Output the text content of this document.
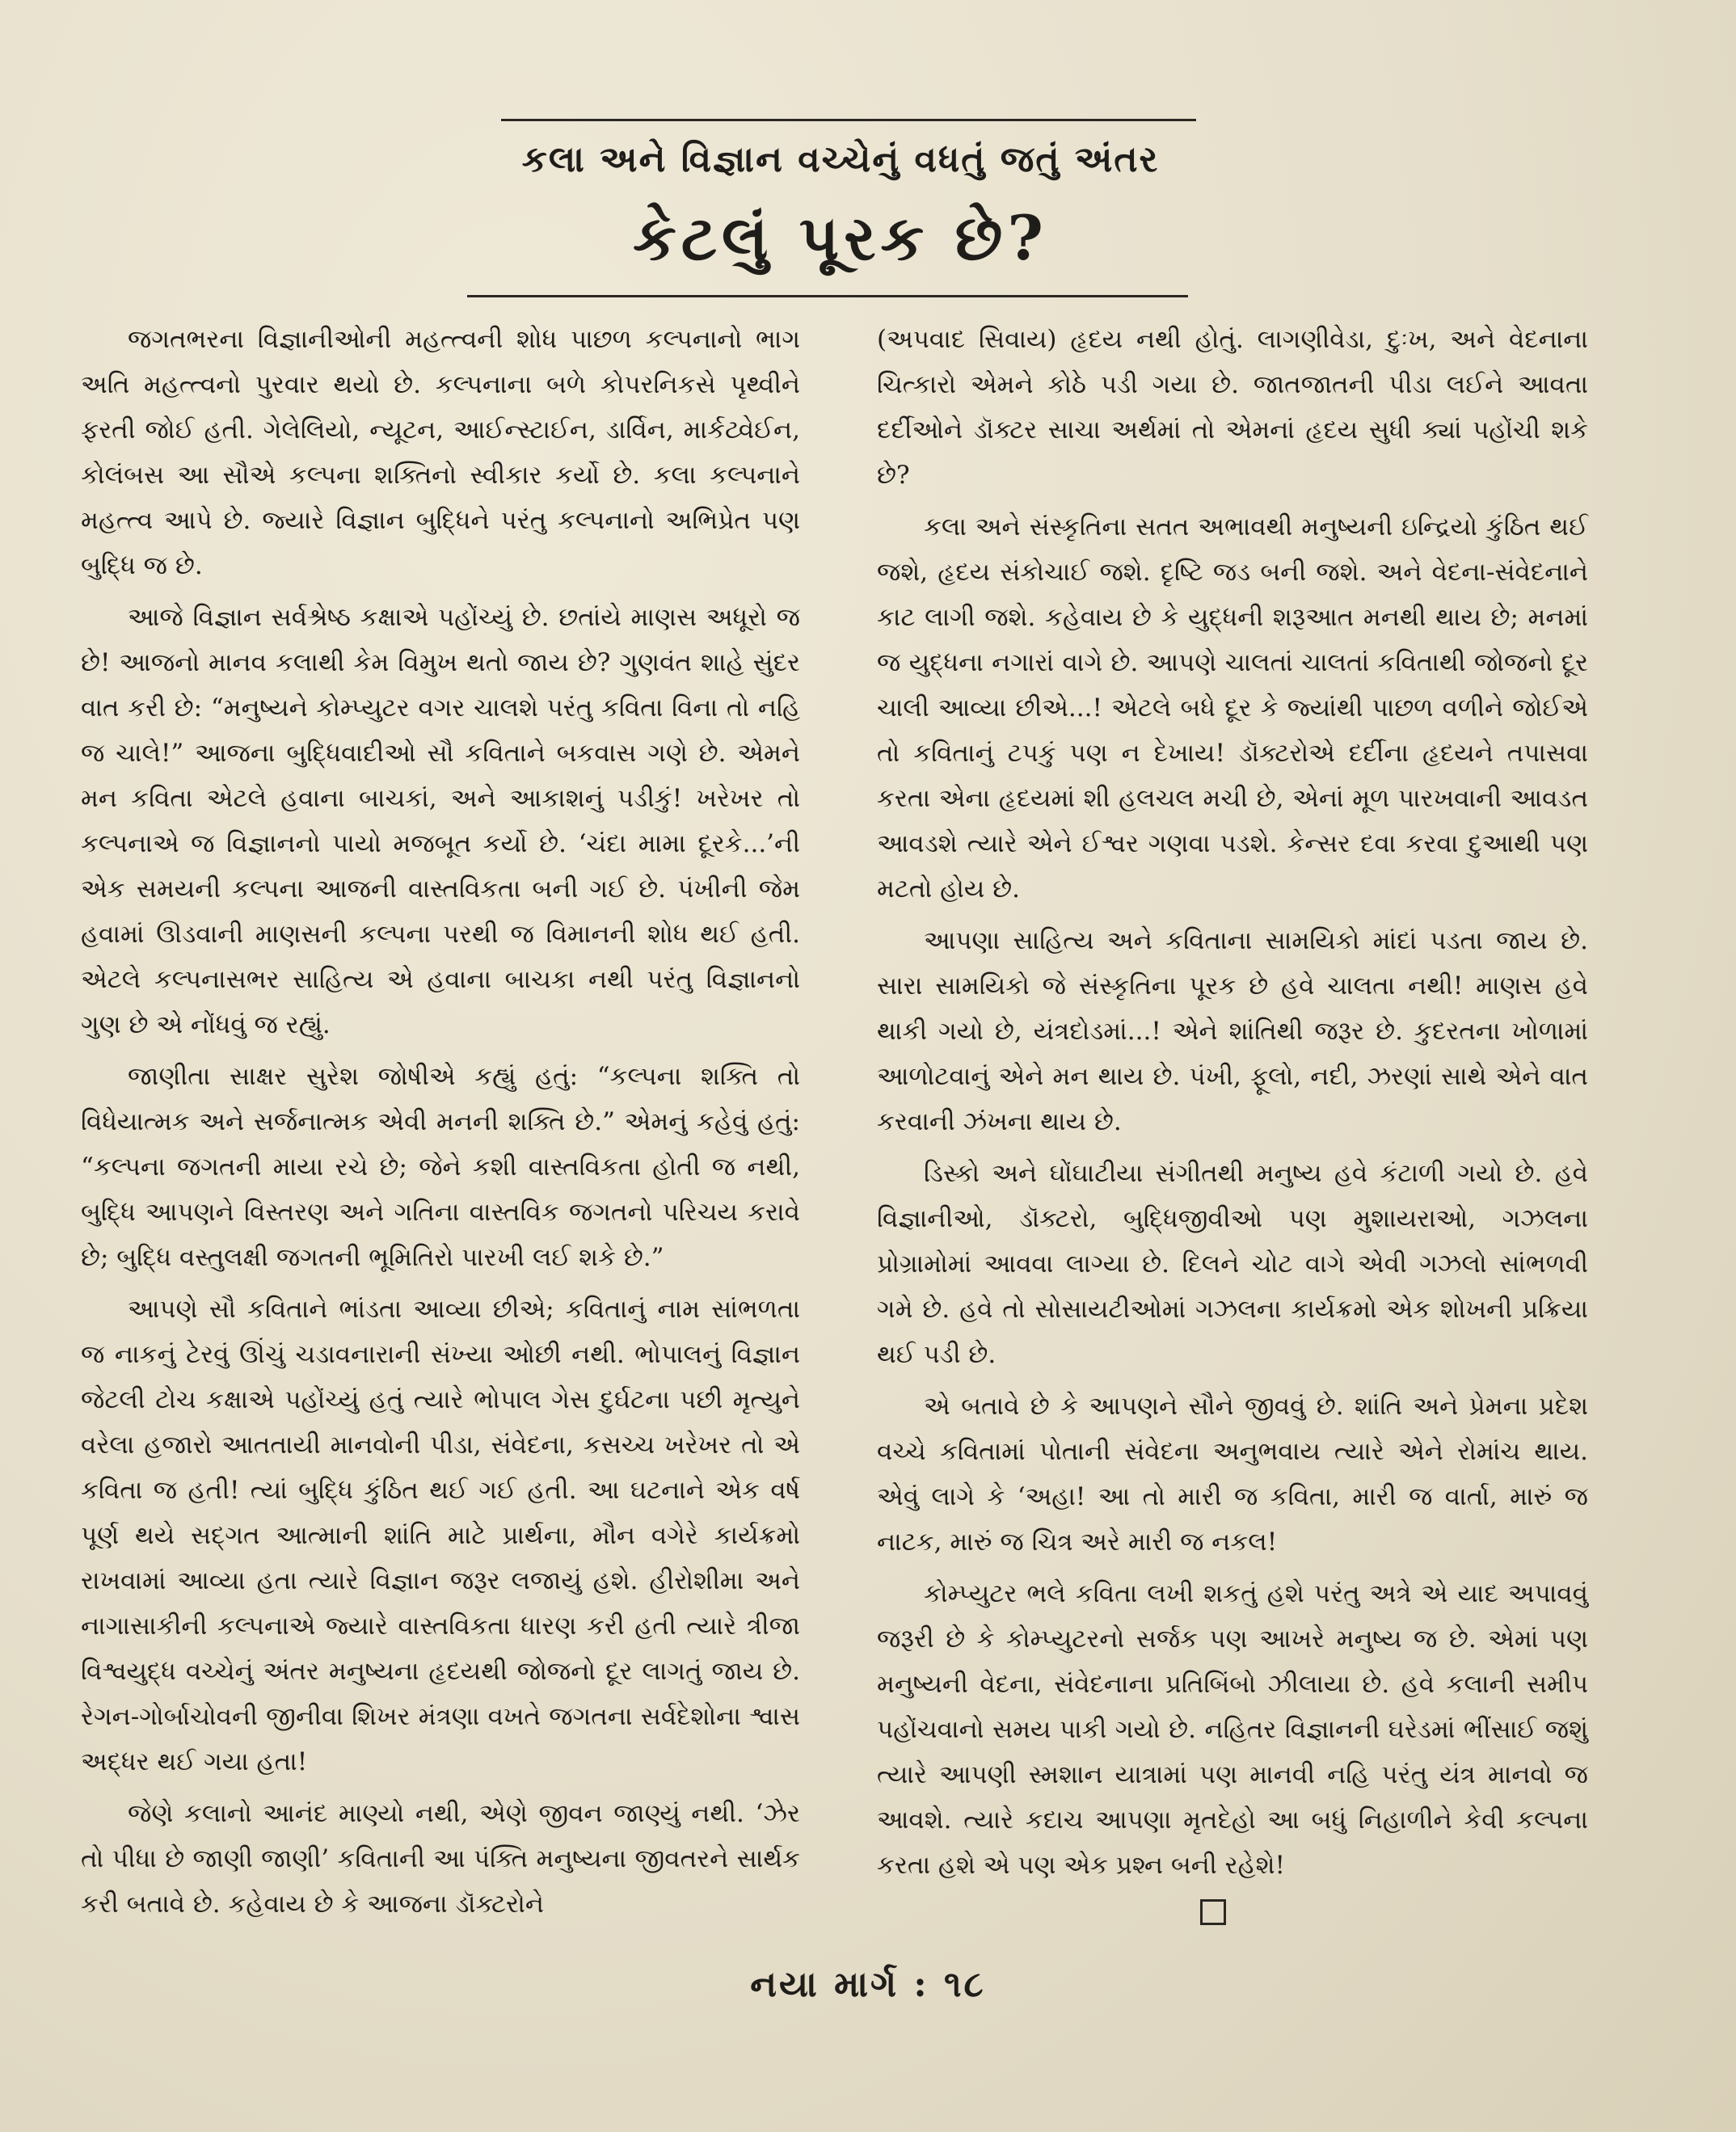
કલા અને વિજ્ઞાન વચ્ચેનું વધતું જતું અંતર
કેટલું પૂરક છે?

જગતભરના વિજ્ઞાનીઓની મહત્ત્વની શોધ પાછળ કલ્પનાનો ભાગ અતિ મહત્ત્વનો પુરવાર થયો છે. કલ્પનાના બળે કોપરનિકસે પૃથ્વીને ફરતી જોઈ હતી. ગેલેલિયો, ન્યૂટન, આઈન્સ્ટાઈન, ડાર્વિન, માર્કટ્વેઈન, કોલંબસ આ સૌએ કલ્પના શક્તિનો સ્વીકાર કર્યો છે. કલા કલ્પનાને મહત્ત્વ આપે છે. જ્યારે વિજ્ઞાન બુદ્ધિને પરંતુ કલ્પનાનો અભિપ્રેત પણ બુદ્ધિ જ છે.

આજે વિજ્ઞાન સર્વશ્રેષ્ઠ કક્ષાએ પહોંચ્યું છે. છતાંયે માણસ અધૂરો જ છે! આજનો માનવ કલાથી કેમ વિમુખ થતો જાય છે? ગુણવંત શાહે સુંદર વાત કરી છે: “મનુષ્યને કોમ્પ્યુટર વગર ચાલશે પરંતુ કવિતા વિના તો નહિ જ ચાલે!” આજના બુદ્ધિવાદીઓ સૌ કવિતાને બકવાસ ગણે છે. એમને મન કવિતા એટલે હવાના બાચકાં, અને આકાશનું પડીકું! ખરેખર તો કલ્પનાએ જ વિજ્ઞાનનો પાયો મજબૂત કર્યો છે. ‘ચંદા મામા દૂરકે...’ની એક સમયની કલ્પના આજની વાસ્તવિકતા બની ગઈ છે. પંખીની જેમ હવામાં ઊડવાની માણસની કલ્પના પરથી જ વિમાનની શોધ થઈ હતી. એટલે કલ્પનાસભર સાહિત્ય એ હવાના બાચકા નથી પરંતુ વિજ્ઞાનનો ગુણ છે એ નોંધવું જ રહ્યું.

જાણીતા સાક્ષર સુરેશ જોષીએ કહ્યું હતું: “કલ્પના શક્તિ તો વિધેયાત્મક અને સર્જનાત્મક એવી મનની શક્તિ છે.” એમનું કહેવું હતું: “કલ્પના જગતની માયા રચે છે; જેને કશી વાસ્તવિકતા હોતી જ નથી, બુદ્ધિ આપણને વિસ્તરણ અને ગતિના વાસ્તવિક જગતનો પરિચય કરાવે છે; બુદ્ધિ વસ્તુલક્ષી જગતની ભૂમિતિરો પારખી લઈ શકે છે.”

આપણે સૌ કવિતાને ભાંડતા આવ્યા છીએ; કવિતાનું નામ સાંભળતા જ નાકનું ટેરવું ઊંચું ચડાવનારાની સંખ્યા ઓછી નથી. ભોપાલનું વિજ્ઞાન જેટલી ટોચ કક્ષાએ પહોંચ્યું હતું ત્યારે ભોપાલ ગેસ દુર્ઘટના પછી મૃત્યુને વરેલા હજારો આતતાયી માનવોની પીડા, સંવેદના, કસચ્ચ ખરેખર તો એ કવિતા જ હતી! ત્યાં બુદ્ધિ કુંઠિત થઈ ગઈ હતી. આ ઘટનાને એક વર્ષ પૂર્ણ થયે સદ્ગત આત્માની શાંતિ માટે પ્રાર્થના, મૌન વગેરે કાર્યક્રમો રાખવામાં આવ્યા હતા ત્યારે વિજ્ઞાન જરૂર લજાયું હશે. હીરોશીમા અને નાગાસાકીની કલ્પનાએ જ્યારે વાસ્તવિકતા ધારણ કરી હતી ત્યારે ત્રીજા વિશ્વયુદ્ધ વચ્ચેનું અંતર મનુષ્યના હૃદયથી જોજનો દૂર લાગતું જાય છે. રેગન-ગોર્બાચોવની જીનીવા શિખર મંત્રણા વખતે જગતના સર્વદેશોના શ્વાસ અદ્ધર થઈ ગયા હતા!

જેણે કલાનો આનંદ માણ્યો નથી, એણે જીવન જાણ્યું નથી. ‘ઝેર તો પીધા છે જાણી જાણી’ કવિતાની આ પંક્તિ મનુષ્યના જીવતરને સાર્થક કરી બતાવે છે. કહેવાય છે કે આજના ડૉક્ટરોને

(અપવાદ સિવાય) હૃદય નથી હોતું. લાગણીવેડા, દુઃખ, અને વેદનાના ચિત્કારો એમને કોઠે પડી ગયા છે. જાતજાતની પીડા લઈને આવતા દર્દીઓને ડૉક્ટર સાચા અર્થમાં તો એમનાં હૃદય સુધી ક્યાં પહોંચી શકે છે?

કલા અને સંસ્કૃતિના સતત અભાવથી મનુષ્યની ઇન્દ્રિયો કુંઠિત થઈ જશે, હૃદય સંકોચાઈ જશે. દૃષ્ટિ જડ બની જશે. અને વેદના-સંવેદનાને કાટ લાગી જશે. કહેવાય છે કે યુદ્ધની શરૂઆત મનથી થાય છે; મનમાં જ યુદ્ધના નગારાં વાગે છે. આપણે ચાલતાં ચાલતાં કવિતાથી જોજનો દૂર ચાલી આવ્યા છીએ...! એટલે બધે દૂર કે જ્યાંથી પાછળ વળીને જોઈએ તો કવિતાનું ટપકું પણ ન દેખાય! ડૉક્ટરોએ દર્દીના હૃદયને તપાસવા કરતા એના હૃદયમાં શી હલચલ મચી છે, એનાં મૂળ પારખવાની આવડત આવડશે ત્યારે એને ઈશ્વર ગણવા પડશે. કેન્સર દવા કરવા દુઆથી પણ મટતો હોય છે.

આપણા સાહિત્ય અને કવિતાના સામયિકો માંદાં પડતા જાય છે. સારા સામયિકો જે સંસ્કૃતિના પૂરક છે હવે ચાલતા નથી! માણસ હવે થાકી ગયો છે, યંત્રદોડમાં...! એને શાંતિથી જરૂર છે. કુદરતના ખોળામાં આળોટવાનું એને મન થાય છે. પંખી, ફૂલો, નદી, ઝરણાં સાથે એને વાત કરવાની ઝંખના થાય છે.

ડિસ્કો અને ઘોંઘાટીયા સંગીતથી મનુષ્ય હવે કંટાળી ગયો છે. હવે વિજ્ઞાનીઓ, ડૉક્ટરો, બુદ્ધિજીવીઓ પણ મુશાયરાઓ, ગઝલના પ્રોગ્રામોમાં આવવા લાગ્યા છે. દિલને ચોટ વાગે એવી ગઝલો સાંભળવી ગમે છે. હવે તો સોસાયટીઓમાં ગઝલના કાર્યક્રમો એક શોખની પ્રક્રિયા થઈ પડી છે.

એ બતાવે છે કે આપણને સૌને જીવવું છે. શાંતિ અને પ્રેમના પ્રદેશ વચ્ચે કવિતામાં પોતાની સંવેદના અનુભવાય ત્યારે એને રોમાંચ થાય. એવું લાગે કે ‘અહા! આ તો મારી જ કવિતા, મારી જ વાર્તા, મારું જ નાટક, મારું જ ચિત્ર અરે મારી જ નકલ!

કોમ્પ્યુટર ભલે કવિતા લખી શકતું હશે પરંતુ અત્રે એ યાદ અપાવવું જરૂરી છે કે કોમ્પ્યુટરનો સર્જક પણ આખરે મનુષ્ય જ છે. એમાં પણ મનુષ્યની વેદના, સંવેદનાના પ્રતિબિંબો ઝીલાયા છે. હવે કલાની સમીપ પહોંચવાનો સમય પાકી ગયો છે. નહિતર વિજ્ઞાનની ઘરેડમાં ભીંસાઈ જશું ત્યારે આપણી સ્મશાન યાત્રામાં પણ માનવી નહિ પરંતુ યંત્ર માનવો જ આવશે. ત્યારે કદાચ આપણા મૃતદેહો આ બધું નિહાળીને કેવી કલ્પના કરતા હશે એ પણ એક પ્રશ્ન બની રહેશે!

નયા માર્ગ : ૧૮
